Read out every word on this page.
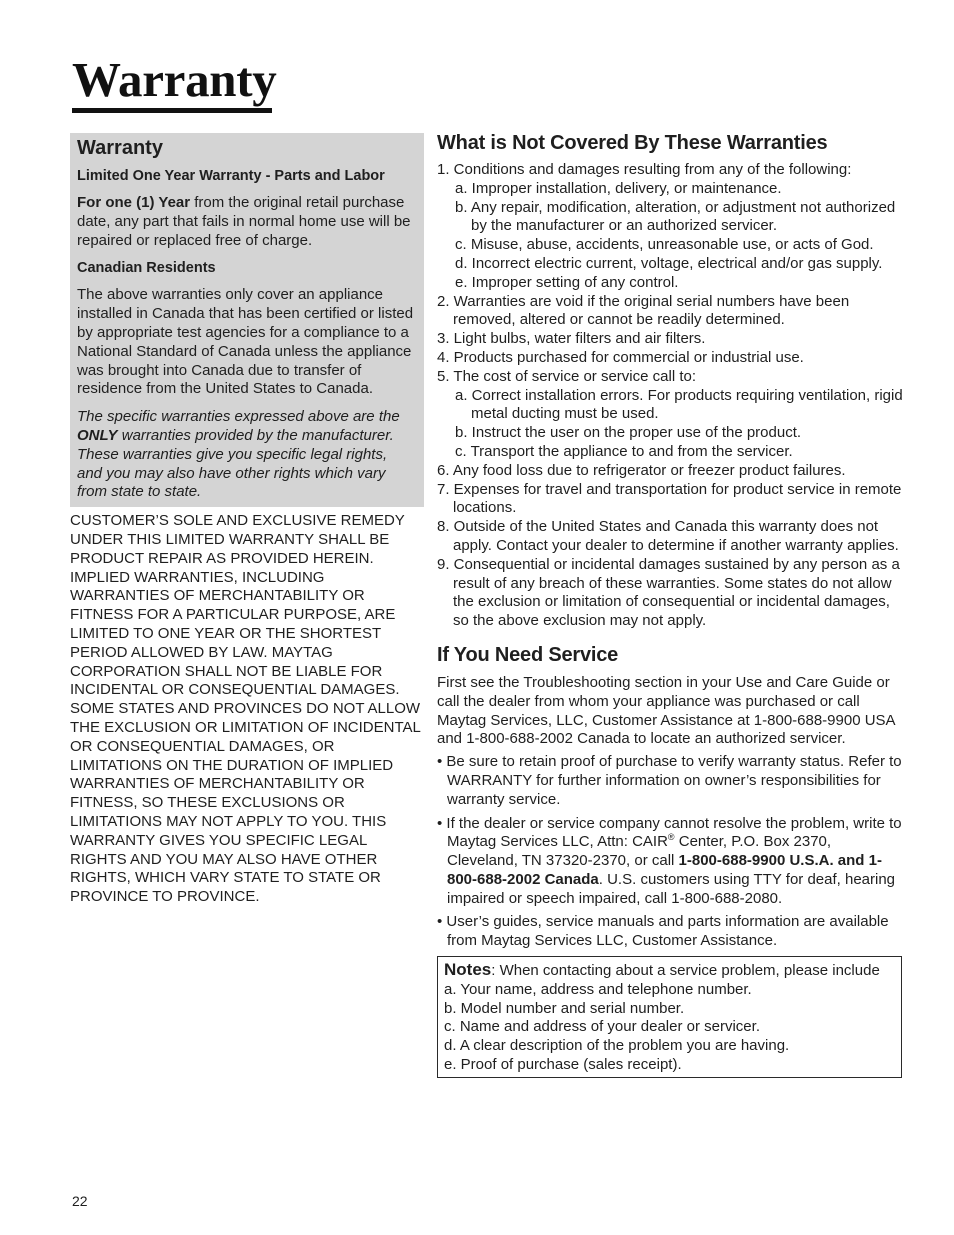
Warranty
Warranty

Limited One Year Warranty - Parts and Labor

For one (1) Year from the original retail purchase date, any part that fails in normal home use will be repaired or replaced free of charge.

Canadian Residents

The above warranties only cover an appliance installed in Canada that has been certified or listed by appropriate test agencies for a compliance to a National Standard of Canada unless the appliance was brought into Canada due to transfer of residence from the United States to Canada.

The specific warranties expressed above are the ONLY warranties provided by the manufacturer. These warranties give you specific legal rights, and you may also have other rights which vary from state to state.

CUSTOMER’S SOLE AND EXCLUSIVE REMEDY UNDER THIS LIMITED WARRANTY SHALL BE PRODUCT REPAIR AS PROVIDED HEREIN. IMPLIED WARRANTIES, INCLUDING WARRANTIES OF MERCHANTABILITY OR FITNESS FOR A PARTICULAR PURPOSE, ARE LIMITED TO ONE YEAR OR THE SHORTEST PERIOD ALLOWED BY LAW. MAYTAG CORPORATION SHALL NOT BE LIABLE FOR INCIDENTAL OR CONSEQUENTIAL DAMAGES. SOME STATES AND PROVINCES DO NOT ALLOW THE EXCLUSION OR LIMITATION OF INCIDENTAL OR CONSEQUENTIAL DAMAGES, OR LIMITATIONS ON THE DURATION OF IMPLIED WARRANTIES OF MERCHANTABILITY OR FITNESS, SO THESE EXCLUSIONS OR LIMITATIONS MAY NOT APPLY TO YOU. THIS WARRANTY GIVES YOU SPECIFIC LEGAL RIGHTS AND YOU MAY ALSO HAVE OTHER RIGHTS, WHICH VARY STATE TO STATE OR PROVINCE TO PROVINCE.

What is Not Covered By These Warranties
1. Conditions and damages resulting from any of the following:
a. Improper installation, delivery, or maintenance.
b. Any repair, modification, alteration, or adjustment not authorized by the manufacturer or an authorized servicer.
c. Misuse, abuse, accidents, unreasonable use, or acts of God.
d. Incorrect electric current, voltage, electrical and/or gas supply.
e. Improper setting of any control.
2. Warranties are void if the original serial numbers have been removed, altered or cannot be readily determined.
3. Light bulbs, water filters and air filters.
4. Products purchased for commercial or industrial use.
5. The cost of service or service call to:
a. Correct installation errors. For products requiring ventilation, rigid metal ducting must be used.
b. Instruct the user on the proper use of the product.
c. Transport the appliance to and from the servicer.
6. Any food loss due to refrigerator or freezer product failures.
7. Expenses for travel and transportation for product service in remote locations.
8. Outside of the United States and Canada this warranty does not apply. Contact your dealer to determine if another warranty applies.
9. Consequential or incidental damages sustained by any person as a result of any breach of these warranties. Some states do not allow the exclusion or limitation of consequential or incidental damages, so the above exclusion may not apply.
If You Need Service

First see the Troubleshooting section in your Use and Care Guide or call the dealer from whom your appliance was purchased or call Maytag Services, LLC, Customer Assistance at 1-800-688-9900 USA and 1-800-688-2002 Canada to locate an authorized servicer.

• Be sure to retain proof of purchase to verify warranty status. Refer to WARRANTY for further information on owner’s responsibilities for warranty service.
• If the dealer or service company cannot resolve the problem, write to Maytag Services LLC, Attn: CAIR® Center, P.O. Box 2370, Cleveland, TN 37320-2370, or call 1-800-688-9900 U.S.A. and 1-800-688-2002 Canada. U.S. customers using TTY for deaf, hearing impaired or speech impaired, call 1-800-688-2080.
• User’s guides, service manuals and parts information are available from Maytag Services LLC, Customer Assistance.

Notes: When contacting about a service problem, please include

a. Your name, address and telephone number.

b. Model number and serial number.

c. Name and address of your dealer or servicer.

d. A clear description of the problem you are having.

e. Proof of purchase (sales receipt).

22
